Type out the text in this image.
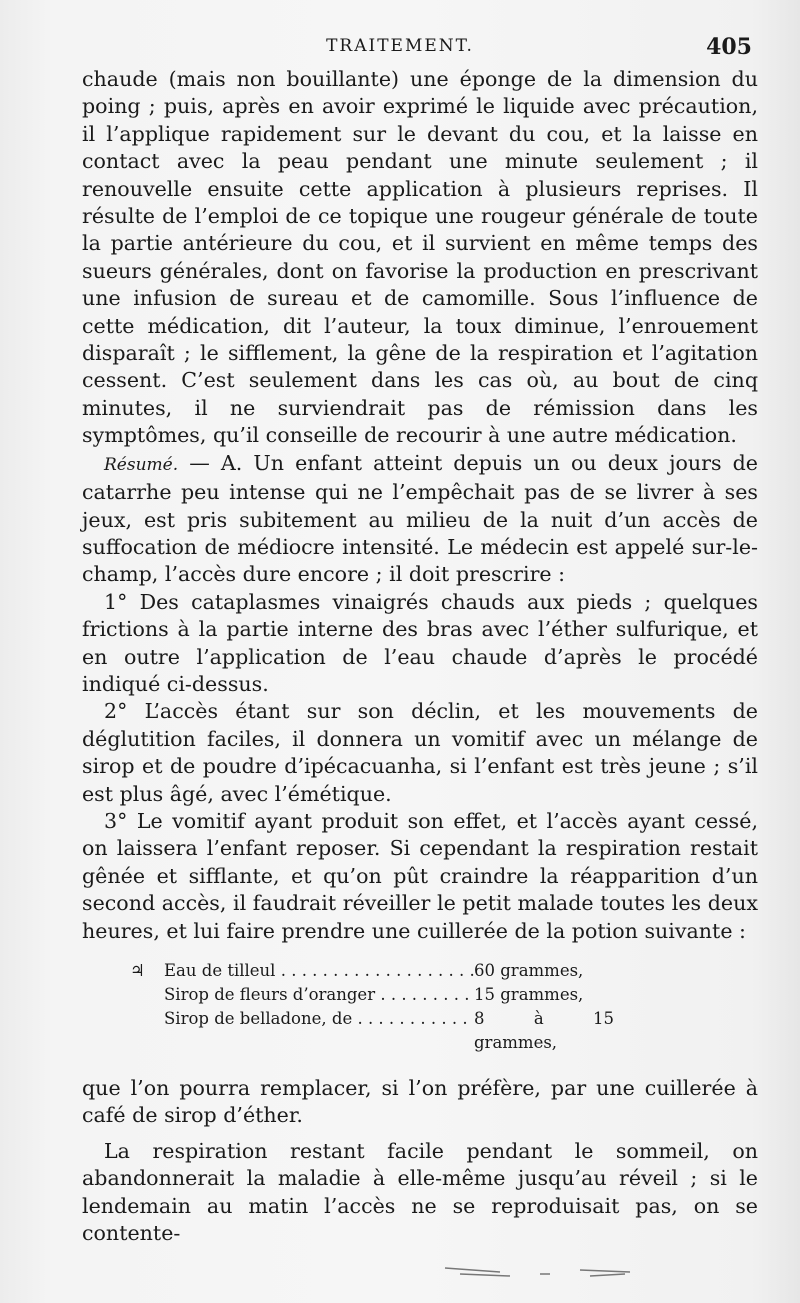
TRAITEMENT.	405

chaude (mais non bouillante) une éponge de la dimension du poing ; puis, après en avoir exprimé le liquide avec précaution, il l’applique rapidement sur le devant du cou, et la laisse en contact avec la peau pendant une minute seulement ; il renouvelle ensuite cette application à plusieurs reprises. Il résulte de l’emploi de ce topique une rougeur générale de toute la partie antérieure du cou, et il survient en même temps des sueurs générales, dont on favorise la production en prescrivant une infusion de sureau et de camomille. Sous l’influence de cette médication, dit l’auteur, la toux diminue, l’enrouement disparaît ; le sifflement, la gêne de la respiration et l’agitation cessent. C’est seulement dans les cas où, au bout de cinq minutes, il ne surviendrait pas de rémission dans les symptômes, qu’il conseille de recourir à une autre médication.

Résumé. — A. Un enfant atteint depuis un ou deux jours de catarrhe peu intense qui ne l’empêchait pas de se livrer à ses jeux, est pris subitement au milieu de la nuit d’un accès de suffocation de médiocre intensité. Le médecin est appelé sur-le-champ, l’accès dure encore ; il doit prescrire :

1° Des cataplasmes vinaigrés chauds aux pieds ; quelques frictions à la partie interne des bras avec l’éther sulfurique, et en outre l’application de l’eau chaude d’après le procédé indiqué ci-dessus.

2° L’accès étant sur son déclin, et les mouvements de déglutition faciles, il donnera un vomitif avec un mélange de sirop et de poudre d’ipécacuanha, si l’enfant est très jeune ; s’il est plus âgé, avec l’émétique.

3° Le vomitif ayant produit son effet, et l’accès ayant cessé, on laissera l’enfant reposer. Si cependant la respiration restait gênée et sifflante, et qu’on pût craindre la réapparition d’un second accès, il faudrait réveiller le petit malade toutes les deux heures, et lui faire prendre une cuillerée de la potion suivante :

♃	Eau de tilleul . . .	60 grammes,
Sirop de fleurs d’oranger . . .	15 grammes,
Sirop de belladone, de . . .	8 à 15 grammes,

que l’on pourra remplacer, si l’on préfère, par une cuillerée à café de sirop d’éther.

La respiration restant facile pendant le sommeil, on abandonnerait la maladie à elle-même jusqu’au réveil ; si le lendemain au matin l’accès ne se reproduisait pas, on se contente-
